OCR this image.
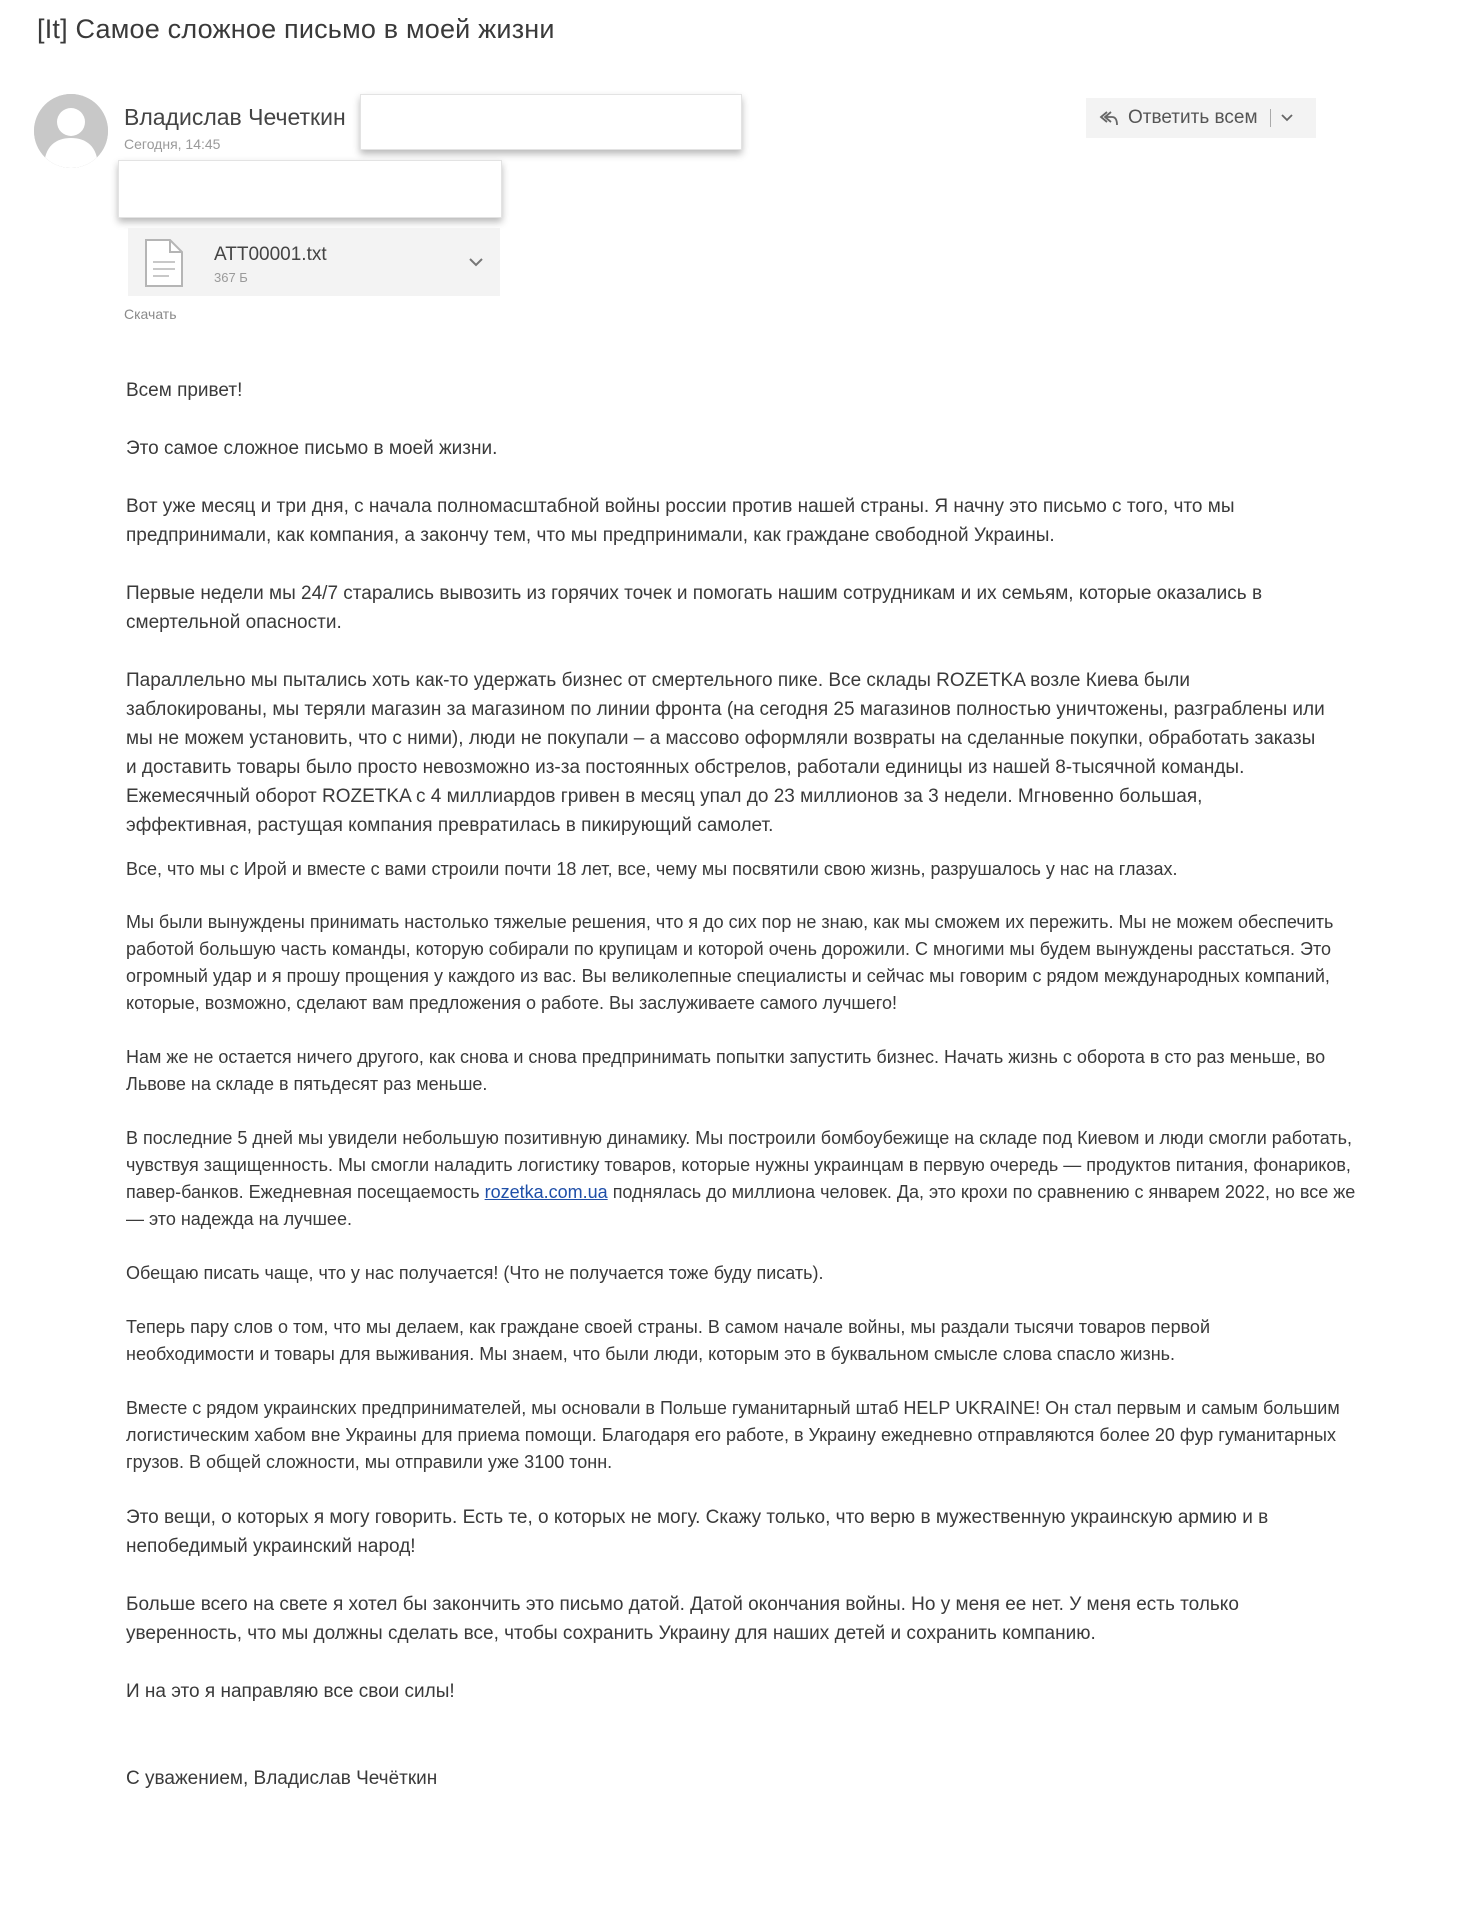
[It] Самое сложное письмо в моей жизни
Владислав Чечеткин
Сегодня, 14:45
Ответить всем
ATT00001.txt
367 Б
Скачать

Всем привет!

Это самое сложное письмо в моей жизни.

Вот уже месяц и три дня, с начала полномасштабной войны россии против нашей страны. Я начну это письмо с того, что мы предпринимали, как компания, а закончу тем, что мы предпринимали, как граждане свободной Украины.

Первые недели мы 24/7 старались вывозить из горячих точек и помогать нашим сотрудникам и их семьям, которые оказались в смертельной опасности.

Параллельно мы пытались хоть как-то удержать бизнес от смертельного пике. Все склады ROZETKA возле Киева были заблокированы, мы теряли магазин за магазином по линии фронта (на сегодня 25 магазинов полностью уничтожены, разграблены или мы не можем установить, что с ними), люди не покупали – а массово оформляли возвраты на сделанные покупки, обработать заказы и доставить товары было просто невозможно из-за постоянных обстрелов, работали единицы из нашей 8-тысячной команды. Ежемесячный оборот ROZETKA с 4 миллиардов гривен в месяц упал до 23 миллионов за 3 недели. Мгновенно большая, эффективная, растущая компания превратилась в пикирующий самолет.

Все, что мы с Ирой и вместе с вами строили почти 18 лет, все, чему мы посвятили свою жизнь, разрушалось у нас на глазах.

Мы были вынуждены принимать настолько тяжелые решения, что я до сих пор не знаю, как мы сможем их пережить. Мы не можем обеспечить работой большую часть команды, которую собирали по крупицам и которой очень дорожили. С многими мы будем вынуждены расстаться. Это огромный удар и я прошу прощения у каждого из вас. Вы великолепные специалисты и сейчас мы говорим с рядом международных компаний, которые, возможно, сделают вам предложения о работе. Вы заслуживаете самого лучшего!

Нам же не остается ничего другого, как снова и снова предпринимать попытки запустить бизнес. Начать жизнь с оборота в сто раз меньше, во Львове на складе в пятьдесят раз меньше.

В последние 5 дней мы увидели небольшую позитивную динамику. Мы построили бомбоубежище на складе под Киевом и люди смогли работать, чувствуя защищенность. Мы смогли наладить логистику товаров, которые нужны украинцам в первую очередь — продуктов питания, фонариков, павер-банков. Ежедневная посещаемость rozetka.com.ua поднялась до миллиона человек. Да, это крохи по сравнению с январем 2022, но все же — это надежда на лучшее.

Обещаю писать чаще, что у нас получается! (Что не получается тоже буду писать).

Теперь пару слов о том, что мы делаем, как граждане своей страны. В самом начале войны, мы раздали тысячи товаров первой необходимости и товары для выживания. Мы знаем, что были люди, которым это в буквальном смысле слова спасло жизнь.

Вместе с рядом украинских предпринимателей, мы основали в Польше гуманитарный штаб HELP UKRAINE! Он стал первым и самым большим логистическим хабом вне Украины для приема помощи. Благодаря его работе, в Украину ежедневно отправляются более 20 фур гуманитарных грузов. В общей сложности, мы отправили уже 3100 тонн.

Это вещи, о которых я могу говорить. Есть те, о которых не могу. Скажу только, что верю в мужественную украинскую армию и в непобедимый украинский народ!

Больше всего на свете я хотел бы закончить это письмо датой. Датой окончания войны. Но у меня ее нет. У меня есть только уверенность, что мы должны сделать все, чтобы сохранить Украину для наших детей и сохранить компанию.

И на это я направляю все свои силы!

С уважением, Владислав Чечёткин
